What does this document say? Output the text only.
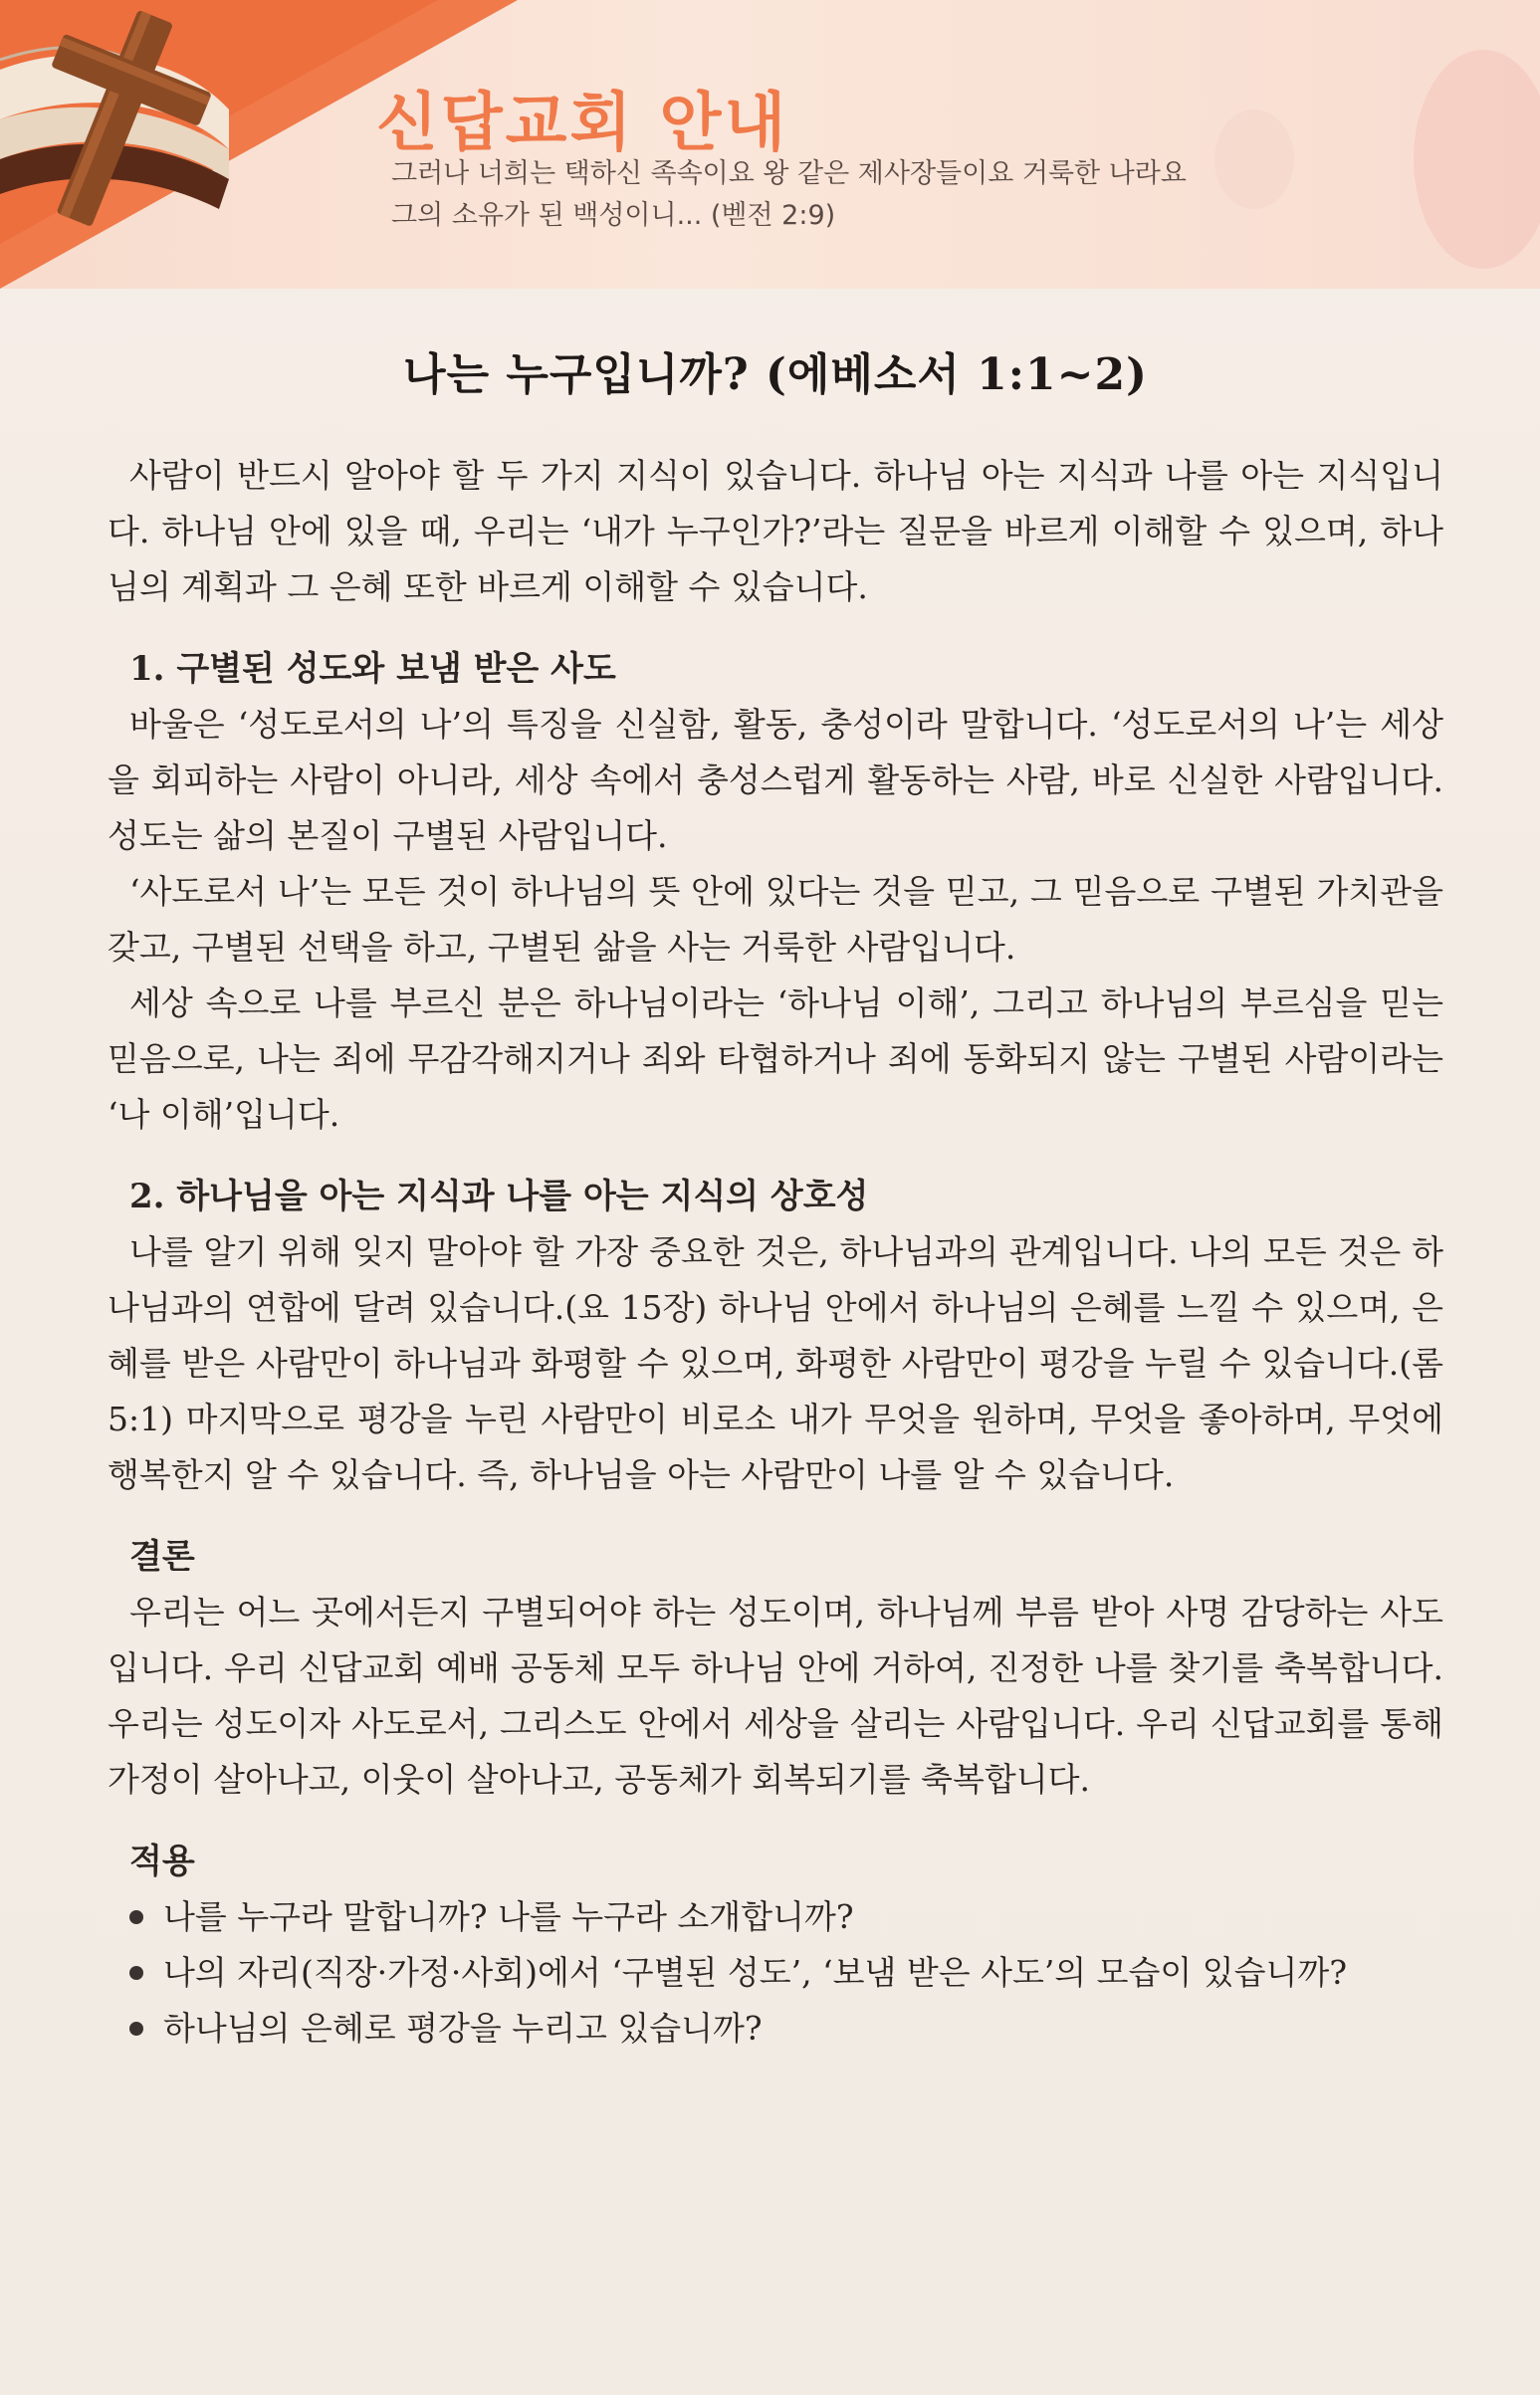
신답교회 안내
그러나 너희는 택하신 족속이요 왕 같은 제사장들이요 거룩한 나라요
그의 소유가 된 백성이니... (벧전 2:9)
나는 누구입니까? (에베소서 1:1~2)

사람이 반드시 알아야 할 두 가지 지식이 있습니다. 하나님 아는 지식과 나를 아는 지식입니다. 하나님 안에 있을 때, 우리는 ‘내가 누구인가?’라는 질문을 바르게 이해할 수 있으며, 하나님의 계획과 그 은혜 또한 바르게 이해할 수 있습니다.

1. 구별된 성도와 보냄 받은 사도

바울은 ‘성도로서의 나’의 특징을 신실함, 활동, 충성이라 말합니다. ‘성도로서의 나’는 세상을 회피하는 사람이 아니라, 세상 속에서 충성스럽게 활동하는 사람, 바로 신실한 사람입니다. 성도는 삶의 본질이 구별된 사람입니다.

‘사도로서 나’는 모든 것이 하나님의 뜻 안에 있다는 것을 믿고, 그 믿음으로 구별된 가치관을 갖고, 구별된 선택을 하고, 구별된 삶을 사는 거룩한 사람입니다.

세상 속으로 나를 부르신 분은 하나님이라는 ‘하나님 이해’, 그리고 하나님의 부르심을 믿는 믿음으로, 나는 죄에 무감각해지거나 죄와 타협하거나 죄에 동화되지 않는 구별된 사람이라는 ‘나 이해’입니다.

2. 하나님을 아는 지식과 나를 아는 지식의 상호성

나를 알기 위해 잊지 말아야 할 가장 중요한 것은, 하나님과의 관계입니다. 나의 모든 것은 하나님과의 연합에 달려 있습니다.(요 15장) 하나님 안에서 하나님의 은혜를 느낄 수 있으며, 은혜를 받은 사람만이 하나님과 화평할 수 있으며, 화평한 사람만이 평강을 누릴 수 있습니다.(롬 5:1) 마지막으로 평강을 누린 사람만이 비로소 내가 무엇을 원하며, 무엇을 좋아하며, 무엇에 행복한지 알 수 있습니다. 즉, 하나님을 아는 사람만이 나를 알 수 있습니다.

결론

우리는 어느 곳에서든지 구별되어야 하는 성도이며, 하나님께 부름 받아 사명 감당하는 사도입니다. 우리 신답교회 예배 공동체 모두 하나님 안에 거하여, 진정한 나를 찾기를 축복합니다. 우리는 성도이자 사도로서, 그리스도 안에서 세상을 살리는 사람입니다. 우리 신답교회를 통해 가정이 살아나고, 이웃이 살아나고, 공동체가 회복되기를 축복합니다.

적용
나를 누구라 말합니까? 나를 누구라 소개합니까?
나의 자리(직장·가정·사회)에서 ‘구별된 성도’, ‘보냄 받은 사도’의 모습이 있습니까?
하나님의 은혜로 평강을 누리고 있습니까?
